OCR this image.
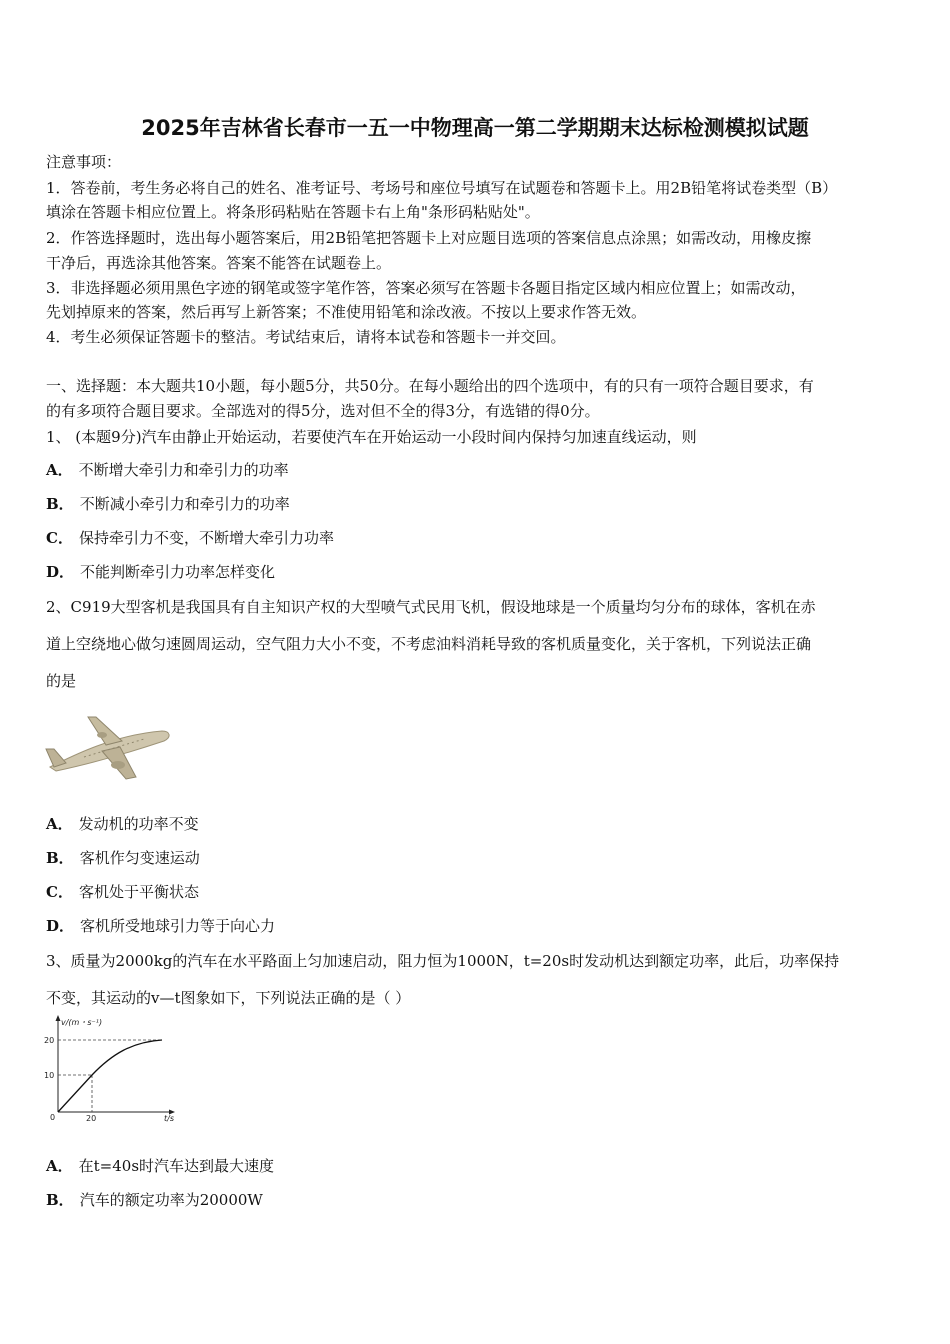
2025年吉林省长春市一五一中物理高一第二学期期末达标检测模拟试题
注意事项：
1．答卷前，考生务必将自己的姓名、准考证号、考场号和座位号填写在试题卷和答题卡上。用2B铅笔将试卷类型（B）
填涂在答题卡相应位置上。将条形码粘贴在答题卡右上角"条形码粘贴处"。
2．作答选择题时，选出每小题答案后，用2B铅笔把答题卡上对应题目选项的答案信息点涂黑；如需改动，用橡皮擦
干净后，再选涂其他答案。答案不能答在试题卷上。
3．非选择题必须用黑色字迹的钢笔或签字笔作答，答案必须写在答题卡各题目指定区域内相应位置上；如需改动，
先划掉原来的答案，然后再写上新答案；不准使用铅笔和涂改液。不按以上要求作答无效。
4．考生必须保证答题卡的整洁。考试结束后，请将本试卷和答题卡一并交回。
一、选择题：本大题共10小题，每小题5分，共50分。在每小题给出的四个选项中，有的只有一项符合题目要求，有
的有多项符合题目要求。全部选对的得5分，选对但不全的得3分，有选错的得0分。
1、 (本题9分)汽车由静止开始运动，若要使汽车在开始运动一小段时间内保持匀加速直线运动，则
A． 不断增大牵引力和牵引力的功率
B． 不断减小牵引力和牵引力的功率
C． 保持牵引力不变，不断增大牵引力功率
D． 不能判断牵引力功率怎样变化
2、C919大型客机是我国具有自主知识产权的大型喷气式民用飞机，假设地球是一个质量均匀分布的球体，客机在赤
道上空绕地心做匀速圆周运动，空气阻力大小不变，不考虑油料消耗导致的客机质量变化，关于客机，下列说法正确
的是
A． 发动机的功率不变
B． 客机作匀变速运动
C． 客机处于平衡状态
D． 客机所受地球引力等于向心力
3、质量为2000kg的汽车在水平路面上匀加速启动，阻力恒为1000N，t=20s时发动机达到额定功率，此后，功率保持
不变，其运动的v—t图象如下，下列说法正确的是（ ）
v/(m・s⁻¹)
t/s
0
20
10
20
A． 在t=40s时汽车达到最大速度
B． 汽车的额定功率为20000W
